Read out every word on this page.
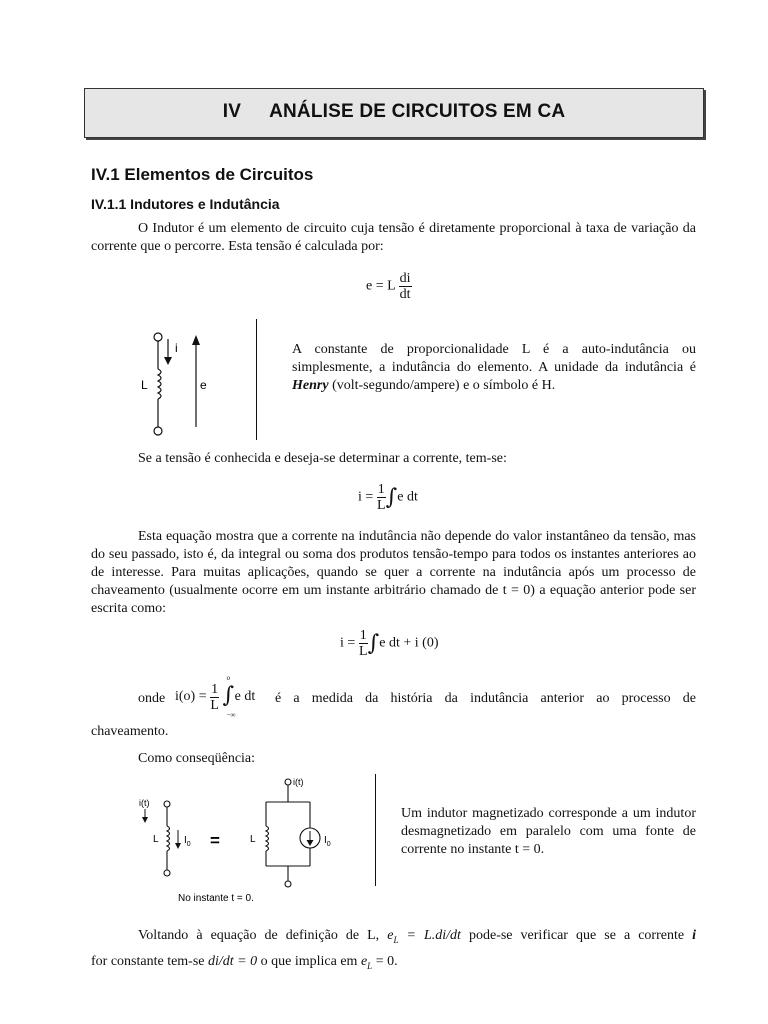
IV ANÁLISE DE CIRCUITOS EM CA
IV.1 Elementos de Circuitos
IV.1.1 Indutores e Indutância
O Indutor é um elemento de circuito cuja tensão é diretamente proporcional à taxa de variação da corrente que o percorre. Esta tensão é calculada por:
e = L $\frac{di}{dt}$
i
L	e
A constante de proporcionalidade L é a auto-indutância ou simplesmente, a indutância do elemento. A unidade da indutância é Henry (volt-segundo/ampere) e o símbolo é H.
Se a tensão é conhecida e deseja-se determinar a corrente, tem-se:
$i = \frac{1}{L} \int e$ dt
Esta equação mostra que a corrente na indutância não depende do valor instantâneo da tensão, mas do seu passado, isto é, da integral ou soma dos produtos tensão-tempo para todos os instantes anteriores ao de interesse. Para muitas aplicações, quando se quer a corrente na indutância após um processo de chaveamento (usualmente ocorre em um instante arbitrário chamado de t = 0) a equação anterior pode ser escrita como:
$i = \frac{1}{L} \int e$ dt + i (0)
onde $i(o) = \frac{1}{L}$

o
∫
−∞
e dt é a medida da história da indutância anterior ao processo de
chaveamento.
Como conseqüência:
i(t)
L	$I_0$ =
i(t)
L	$I_0$
No instante t = 0.
Um indutor magnetizado corresponde a um indutor desmagnetizado em paralelo com uma fonte de corrente no instante t = 0.
Voltando à equação de definição de L, $e_L = L.di/dt$ pode-se verificar que se a corrente i
for constante tem-se di/dt = 0 o que implica em $e_L = 0$.
